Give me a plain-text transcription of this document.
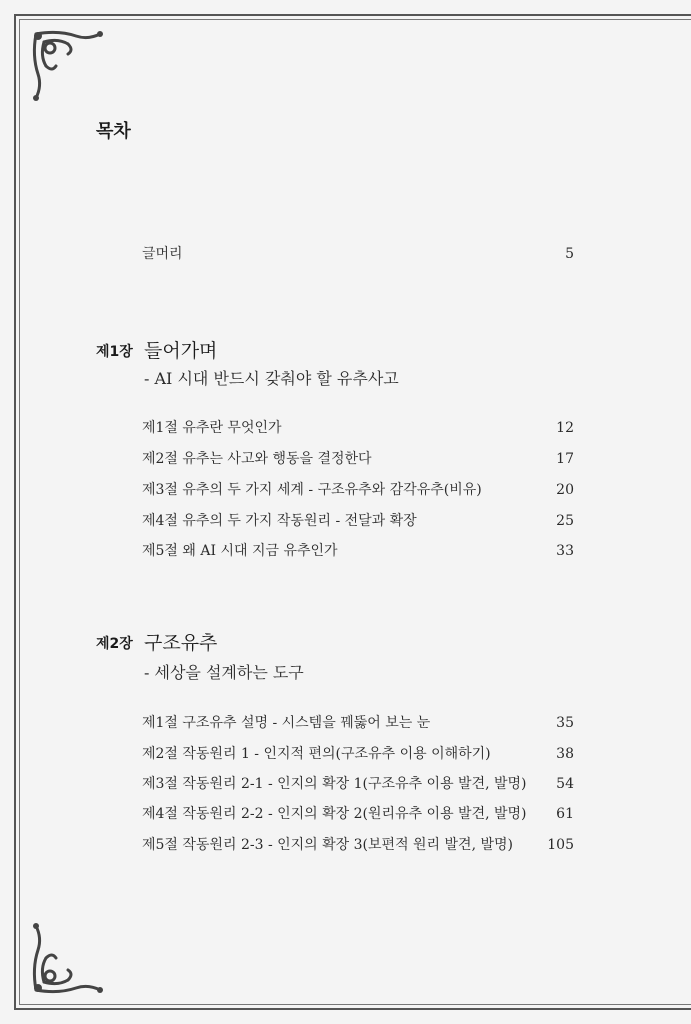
목차
글머리	5
제1장 들어가며
- AI 시대 반드시 갖춰야 할 유추사고
제1절 유추란 무엇인가	12
제2절 유추는 사고와 행동을 결정한다	17
제3절 유추의 두 가지 세계 - 구조유추와 감각유추(비유)	20
제4절 유추의 두 가지 작동원리 - 전달과 확장	25
제5절 왜 AI 시대 지금 유추인가	33
제2장 구조유추
- 세상을 설계하는 도구
제1절 구조유추 설명 - 시스템을 꿰뚫어 보는 눈	35
제2절 작동원리 1 - 인지적 편의(구조유추 이용 이해하기)	38
제3절 작동원리 2-1 - 인지의 확장 1(구조유추 이용 발견, 발명)	54
제4절 작동원리 2-2 - 인지의 확장 2(원리유추 이용 발견, 발명)	61
제5절 작동원리 2-3 - 인지의 확장 3(보편적 원리 발견, 발명) 105
